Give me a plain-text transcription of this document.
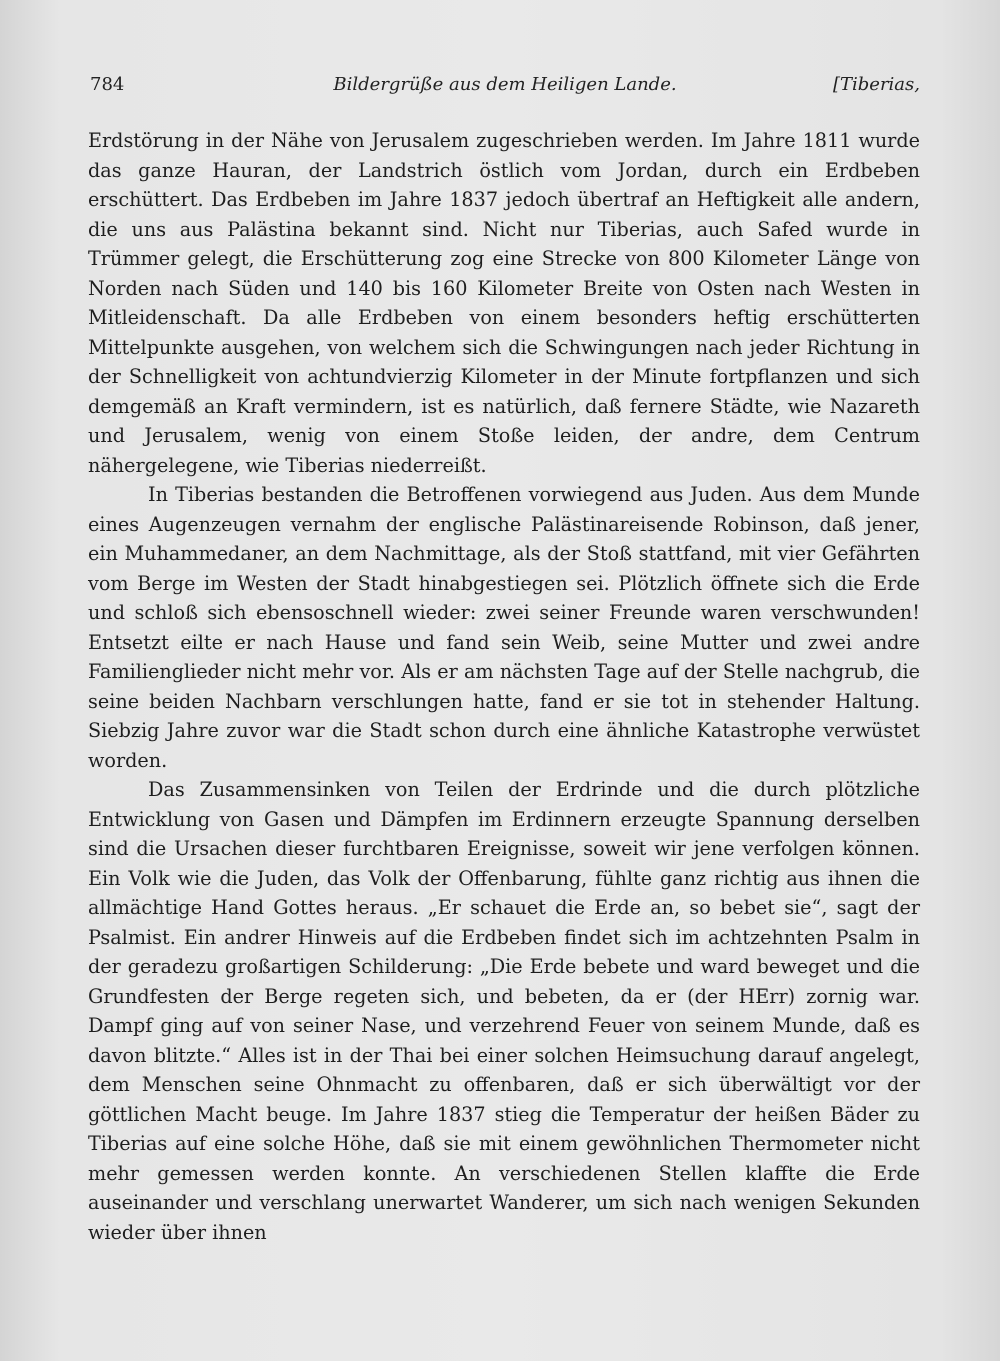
784	Bildergrüße aus dem Heiligen Lande.	[Tiberias,

Erdstörung in der Nähe von Jerusalem zugeschrieben werden. Im Jahre 1811 wurde das ganze Hauran, der Landstrich östlich vom Jordan, durch ein Erdbeben erschüttert. Das Erdbeben im Jahre 1837 jedoch übertraf an Heftigkeit alle andern, die uns aus Palästina bekannt sind. Nicht nur Tiberias, auch Safed wurde in Trümmer gelegt, die Erschütterung zog eine Strecke von 800 Kilometer Länge von Norden nach Süden und 140 bis 160 Kilometer Breite von Osten nach Westen in Mitleidenschaft. Da alle Erdbeben von einem besonders heftig erschütterten Mittelpunkte ausgehen, von welchem sich die Schwingungen nach jeder Richtung in der Schnelligkeit von achtundvierzig Kilometer in der Minute fortpflanzen und sich demgemäß an Kraft vermindern, ist es natürlich, daß fernere Städte, wie Nazareth und Jerusalem, wenig von einem Stoße leiden, der andre, dem Centrum nähergelegene, wie Tiberias niederreißt.

In Tiberias bestanden die Betroffenen vorwiegend aus Juden. Aus dem Munde eines Augenzeugen vernahm der englische Palästinareisende Robinson, daß jener, ein Muhammedaner, an dem Nachmittage, als der Stoß stattfand, mit vier Gefährten vom Berge im Westen der Stadt hinabgestiegen sei. Plötzlich öffnete sich die Erde und schloß sich ebensoschnell wieder: zwei seiner Freunde waren verschwunden! Entsetzt eilte er nach Hause und fand sein Weib, seine Mutter und zwei andre Familienglieder nicht mehr vor. Als er am nächsten Tage auf der Stelle nachgrub, die seine beiden Nachbarn verschlungen hatte, fand er sie tot in stehender Haltung. Siebzig Jahre zuvor war die Stadt schon durch eine ähnliche Katastrophe verwüstet worden.

Das Zusammensinken von Teilen der Erdrinde und die durch plötzliche Entwicklung von Gasen und Dämpfen im Erdinnern erzeugte Spannung derselben sind die Ursachen dieser furchtbaren Ereignisse, soweit wir jene verfolgen können. Ein Volk wie die Juden, das Volk der Offenbarung, fühlte ganz richtig aus ihnen die allmächtige Hand Gottes heraus. „Er schauet die Erde an, so bebet sie“, sagt der Psalmist. Ein andrer Hinweis auf die Erdbeben findet sich im achtzehnten Psalm in der geradezu großartigen Schilderung: „Die Erde bebete und ward beweget und die Grundfesten der Berge regeten sich, und bebeten, da er (der HErr) zornig war. Dampf ging auf von seiner Nase, und verzehrend Feuer von seinem Munde, daß es davon blitzte.“ Alles ist in der Thai bei einer solchen Heimsuchung darauf angelegt, dem Menschen seine Ohnmacht zu offenbaren, daß er sich überwältigt vor der göttlichen Macht beuge. Im Jahre 1837 stieg die Temperatur der heißen Bäder zu Tiberias auf eine solche Höhe, daß sie mit einem gewöhnlichen Thermometer nicht mehr gemessen werden konnte. An verschiedenen Stellen klaffte die Erde auseinander und verschlang unerwartet Wanderer, um sich nach wenigen Sekunden wieder über ihnen
